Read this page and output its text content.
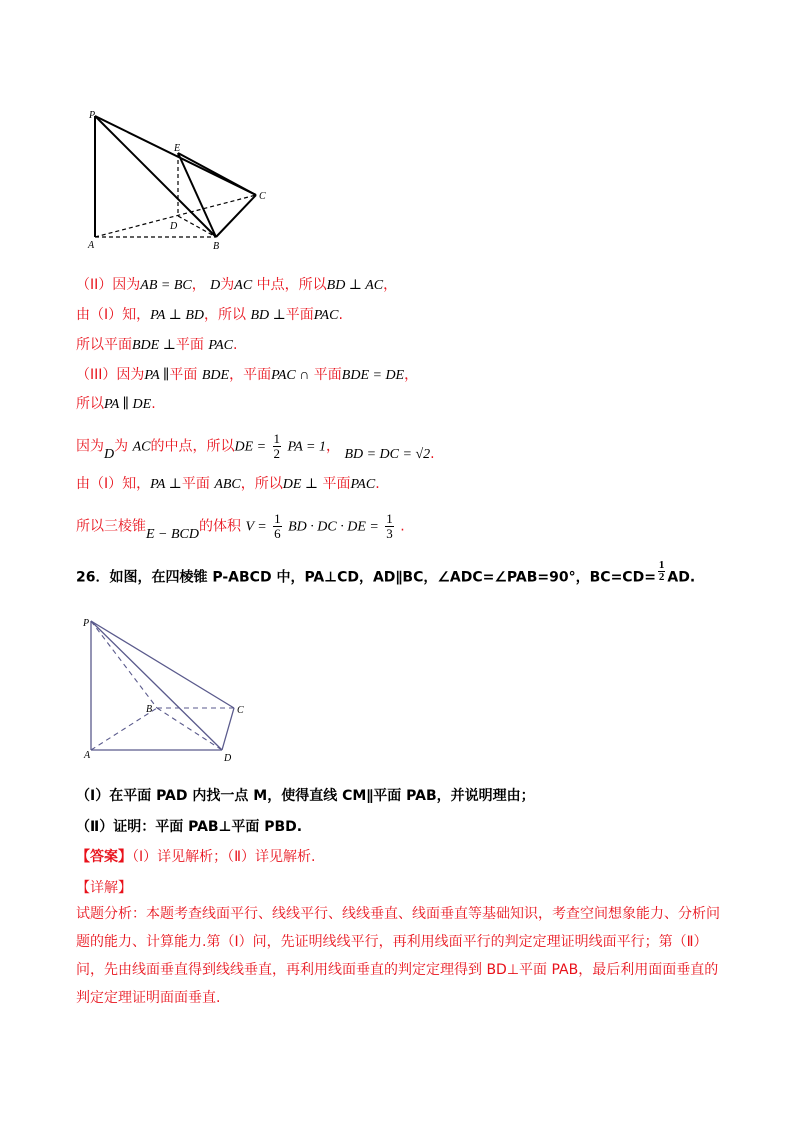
P
E
C
D
A	B
（II）因为AB = BC， D为AC 中点，所以BD ⊥ AC，
由（I）知，PA ⊥ BD，所以 BD ⊥平面PAC.
所以平面BDE ⊥平面 PAC.
（III）因为PA ∥平面 BDE，平面PAC ∩ 平面BDE = DE，
所以PA ∥ DE.
因为D为 AC的中点，所以DE = $\frac{1}{2}$ PA = 1， BD = DC = √2.
由（I）知，PA ⊥平面 ABC，所以DE ⊥ 平面PAC.
所以三棱锥E − BCD的体积 $V = \frac{1}{6}$ BD · DC · DE = $\frac{1}{3}$ .
26．如图，在四棱锥 P-ABCD 中，PA⊥CD，AD∥BC，∠ADC=∠PAB=90°，$BC=CD= \frac{1}{2}$ AD.
P
B	C
A	D
（Ⅰ）在平面 PAD 内找一点 M，使得直线 CM∥平面 PAB，并说明理由；
（Ⅱ）证明：平面 PAB⊥平面 PBD.
【答案】（Ⅰ）详见解析；（Ⅱ）详见解析.
【详解】
试题分析：本题考查线面平行、线线平行、线线垂直、线面垂直等基础知识，考查空间想象能力、分析问题的能力、计算能力.第（Ⅰ）问，先证明线线平行，再利用线面平行的判定定理证明线面平行；第（Ⅱ）问，先由线面垂直得到线线垂直，再利用线面垂直的判定定理得到 BD⊥平面 PAB，最后利用面面垂直的判定定理证明面面垂直.
